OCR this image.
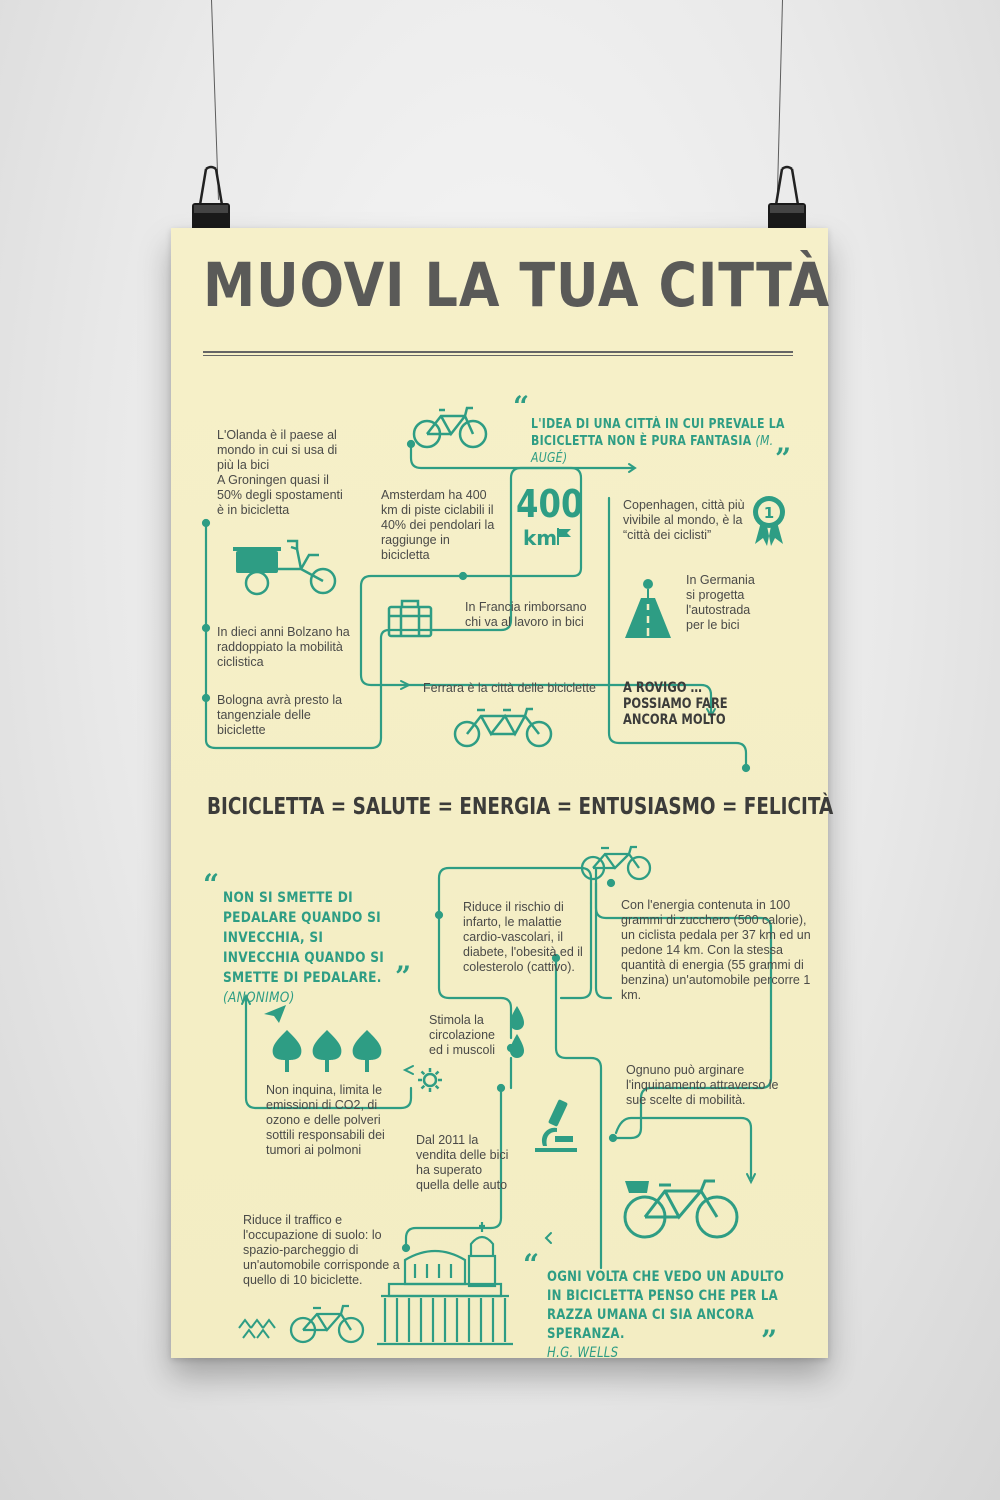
MUOVI LA TUA CITTÀ
L'Olanda è il paese al mondo in cui si usa di più la bici
A Groningen quasi il 50% degli spostamenti è in bicicletta
In dieci anni Bolzano ha raddoppiato la mobilità ciclistica
Bologna avrà presto la tangenziale delle biciclette
Amsterdam ha 400 km di piste ciclabili il 40% dei pendolari la raggiunge in bicicletta
In Francia rimborsano chi va al lavoro in bici
Ferrara è la città delle biciclette
Copenhagen, città più vivibile al mondo, è la “città dei ciclisti”
In Germania si progetta l'autostrada per le bici
400
km
“
L'IDEA DI UNA CITTÀ IN CUI PREVALE LA BICICLETTA NON È PURA FANTASIA (M. AUGÉ)	”
A ROVIGO … POSSIAMO FARE ANCORA MOLTO
1
BICICLETTA = SALUTE = ENERGIA = ENTUSIASMO = FELICITÀ
“ NON SI SMETTE DI PEDALARE QUANDO SI INVECCHIA, SI INVECCHIA QUANDO SI SMETTE DI PEDALARE.
(ANONIMO)
”
Riduce il rischio di infarto, le malattie cardio-vascolari, il diabete, l'obesità ed il colesterolo (cattivo).
Con l'energia contenuta in 100 grammi di zucchero (500 calorie), un ciclista pedala per 37 km ed un pedone 14 km. Con la stessa quantità di energia (55 grammi di benzina) un'automobile percorre 1 km.
Stimola la circolazione ed i muscoli
Non inquina, limita le emissioni di CO2, di ozono e delle polveri sottili responsabili dei tumori ai polmoni
Ognuno può arginare l'inquinamento attraverso le sue scelte di mobilità.
Dal 2011 la vendita delle bici ha superato quella delle auto
Riduce il traffico e l'occupazione di suolo: lo spazio-parcheggio di un'automobile corrisponde a quello di 10 biciclette.	“ OGNI VOLTA CHE VEDO UN ADULTO IN BICICLETTA PENSO CHE PER LA RAZZA UMANA CI SIA ANCORA SPERANZA.
H.G. WELLS	”
